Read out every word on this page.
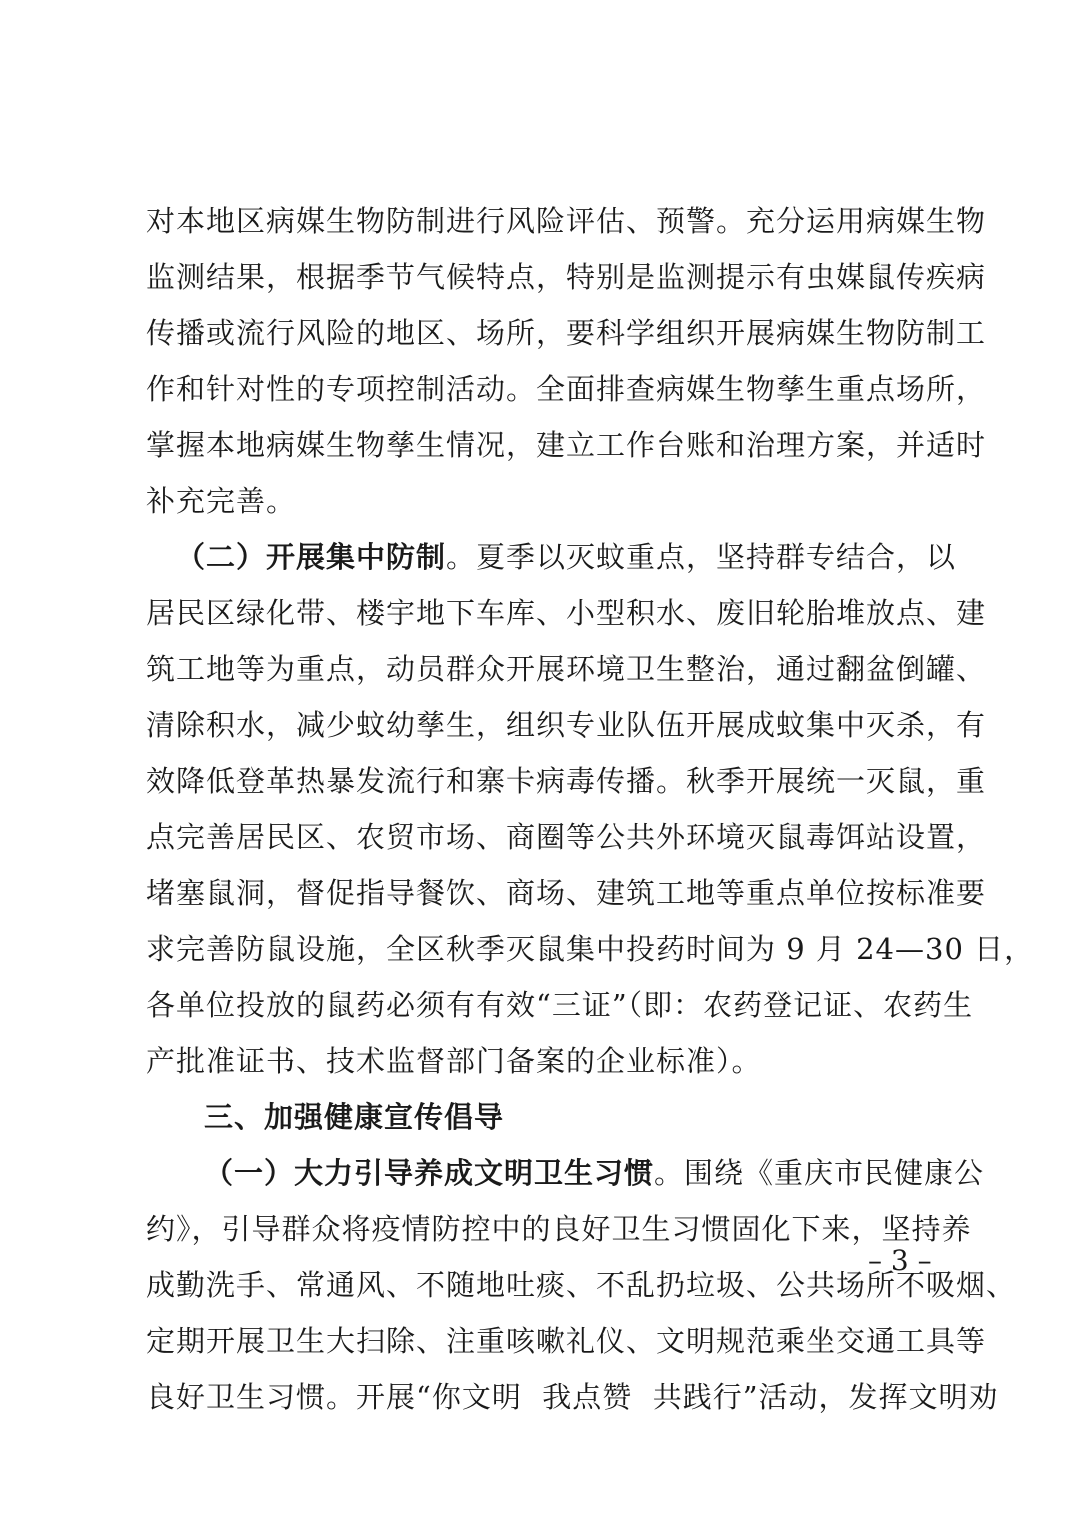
对本地区病媒生物防制进行风险评估、预警。充分运用病媒生物
监测结果，根据季节气候特点，特别是监测提示有虫媒鼠传疾病
传播或流行风险的地区、场所，要科学组织开展病媒生物防制工
作和针对性的专项控制活动。全面排查病媒生物孳生重点场所，
掌握本地病媒生物孳生情况，建立工作台账和治理方案，并适时
补充完善。
（二）开展集中防制。夏季以灭蚊重点，坚持群专结合，以
居民区绿化带、楼宇地下车库、小型积水、废旧轮胎堆放点、建
筑工地等为重点，动员群众开展环境卫生整治，通过翻盆倒罐、
清除积水，减少蚊幼孳生，组织专业队伍开展成蚊集中灭杀，有
效降低登革热暴发流行和寨卡病毒传播。秋季开展统一灭鼠，重
点完善居民区、农贸市场、商圈等公共外环境灭鼠毒饵站设置，
堵塞鼠洞，督促指导餐饮、商场、建筑工地等重点单位按标准要
求完善防鼠设施，全区秋季灭鼠集中投药时间为 9 月 24—30 日，
各单位投放的鼠药必须有有效“三证”（即：农药登记证、农药生
产批准证书、技术监督部门备案的企业标准）。
三、加强健康宣传倡导
（一）大力引导养成文明卫生习惯。围绕《重庆市民健康公
约》，引导群众将疫情防控中的良好卫生习惯固化下来，坚持养
成勤洗手、常通风、不随地吐痰、不乱扔垃圾、公共场所不吸烟、
定期开展卫生大扫除、注重咳嗽礼仪、文明规范乘坐交通工具等
良好卫生习惯。开展“你文明  我点赞  共践行”活动，发挥文明劝
– 3 –
